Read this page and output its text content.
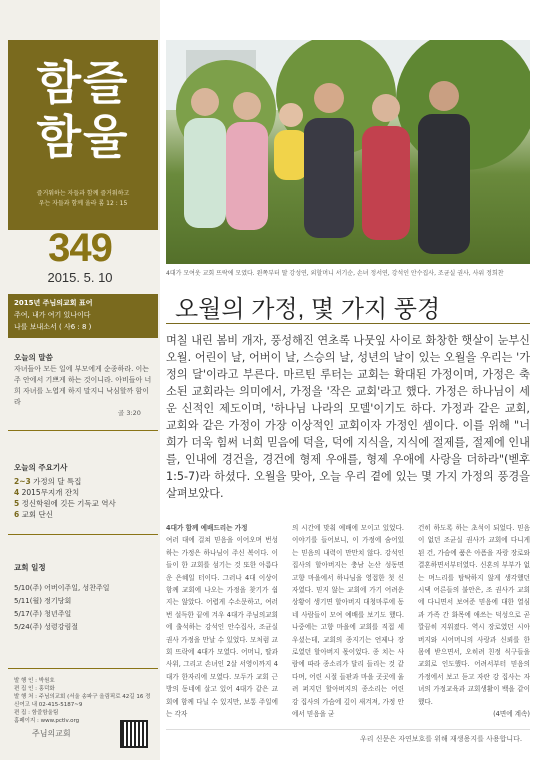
함즐
함울
즐거워하는 자들과 함께 즐거워하고
우는 자들과 함께 울라 롬 12 : 15
349
2015. 5. 10
2015년 주님의교회 표어
주여, 내가 여기 있나이다
나를 보내소서 ( 사6 : 8 )
오늘의 말씀
자녀들아 모든 일에 부모에게 순종하라. 이는 주 안에서 기쁘게 하는 것이니라. 아비들아 너희 자녀를 노엽게 하지 말지니 낙심할까 함이라
골 3:20
오늘의 주요기사
2~3 가정의 달 특집
4 2015무지개 잔치
5 정신학원에 깃든 기독교 역사
6 교회 단신
교회 일정
5/10(주) 어버이주일, 성찬주일
5/11(월) 정기당회
5/17(주) 청년주일
5/24(주) 성령강림절
발 행 인 : 박원호
편 집 인 : 홍덕화
발 행 처 : 주님의교회 (서울 송파구 올림픽로 42길 16 정신여고 내 02-415-5187~9
편 집 : 함즐함울팀
홈페이지 : www.pctlv.org
주님의교회
4대가 모여웃 교회 뜨락에 모였다. 왼쪽부터 딸 강성연, 외할머니 서기순, 손녀 정서연, 강석인 안수집사, 조균실 권사, 사위 정희찬
오월의 가정, 몇 가지 풍경

며칠 내린 봄비 개자, 풍성해진 연초록 나뭇잎 사이로 화창한 햇살이 눈부신 오월. 어린이 날, 어버이 날, 스승의 날, 성년의 날이 있는 오월을 우리는 '가정의 달'이라고 부른다. 마르틴 루터는 교회는 확대된 가정이며, 가정은 축소된 교회라는 의미에서, 가정을 '작은 교회'라고 했다. 가정은 하나님이 세운 신적인 제도이며, '하나님 나라의 모델'이기도 하다. 가정과 같은 교회, 교회와 같은 가정이 가장 이상적인 교회이자 가정인 셈이다. 이를 위해 "너희가 더욱 힘써 너희 믿음에 덕을, 덕에 지식을, 지식에 절제를, 절제에 인내를, 인내에 경건을, 경건에 형제 우애를, 형제 우애에 사랑을 더하라"(벧후 1:5-7)라 하셨다. 오월을 맞아, 오늘 우리 곁에 있는 몇 가지 가정의 풍경을 살펴보았다.

4대가 함께 예배드리는 가정

여러 대에 걸쳐 믿음을 이어오며 번성하는 가정은 하나님이 주신 복이다. 이들이 한 교회를 섬기는 것 또한 아름다운 은혜일 터이다. 그러나 4대 이상이 함께 교회에 나오는 가정을 찾기가 쉽지는 않았다. 어렵게 수소문하고, 여러 번 설득한 끝에 겨우 4대가 주님의교회에 출석하는 강석인 안수집사, 조균실 권사 가정을 만날 수 있었다. 모처럼 교회 뜨락에 4대가 모였다. 어머니, 딸과 사위, 그리고 손녀인 2살 서영이까지 4대가 한자리에 모였다. 모두가 교회 근방의 동네에 살고 있어 4대가 같은 교회에 함께 다닐 수 있지만, 보통 주일에는 각자

의 시간에 맞춰 예배에 모이고 있었다. 이야기를 들어보니, 이 가정에 숨어있는 믿음의 내력이 만만치 않다. 강석인 집사의 할아버지는 충남 논산 성동면 고향 마을에서 하나님을 영접한 첫 신자였다. 믿지 않는 교회에 가기 어려운 상황이 생기면 할아버지 대청마루에 동네 사람들이 모여 예배를 보기도 했다. 나중에는 고향 마을에 교회를 직접 세우셨는데, 교회의 종지기는 언제나 장로였던 할아버지 몫이었다. 종 치는 사람에 따라 종소리가 달리 들리는 것 같다며, 어린 시절 들판과 마을 곳곳에 울려 퍼지던 할아버지의 종소리는 어린 강 집사의 가슴에 깊이 새겨져, 가정 안에서 믿음을 굳

건히 하도록 하는 초석이 되었다. 믿음이 없던 조균실 권사가 교회에 다니게 된 건, 가슴에 품은 아픔을 자랑 장로와 결혼하면서부터였다. 신혼의 부부가 없는 며느리를 탐탁하지 않게 생각했던 시댁 어른들의 불안은, 조 권사가 교회에 다니면서 보여준 믿음에 대한 열심과 가족 간 화목에 애쓰는 덕성으로 곧 깔끔히 지워졌다. 역시 장로였던 시아버지와 시어머니의 사랑과 신뢰를 한 몸에 받으면서, 오히려 친정 식구들을 교회로 인도했다. 어려서부터 믿음의 가정에서 보고 듣고 자란 강 집사는 자녀의 가정교육과 교회생활이 백을 같이 했다.

(4면에 계속)

우리 신문은 자연보호를 위해 재생용지를 사용합니다.
